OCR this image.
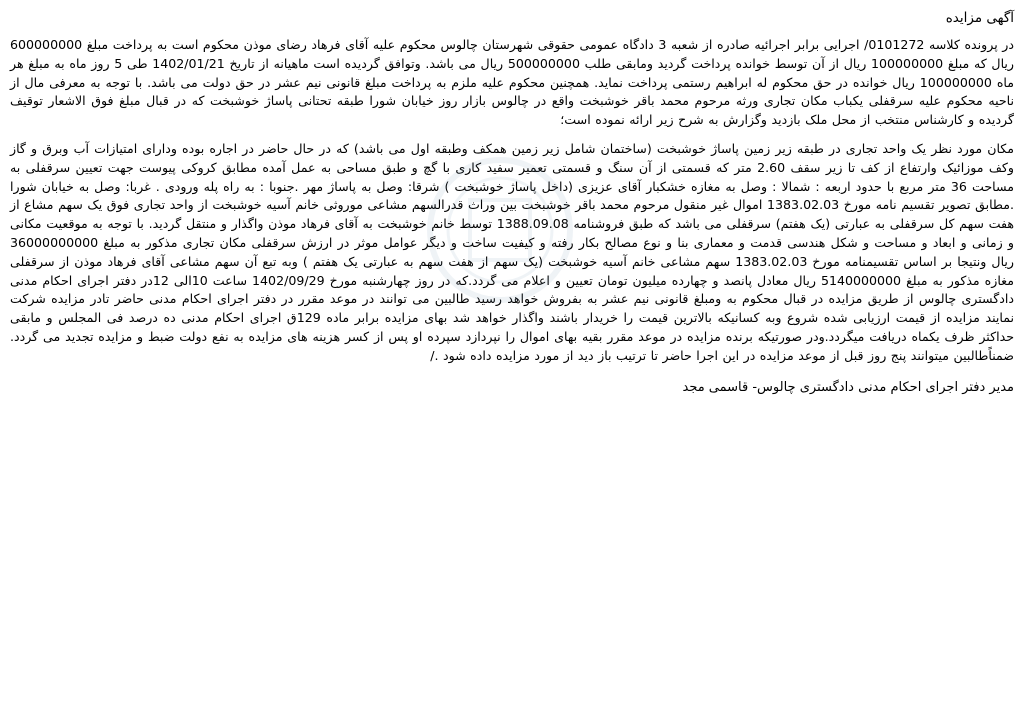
آگهی مزایده

در پرونده کلاسه 0101272/ اجرایی برابر اجرائیه صادره از شعبه 3 دادگاه عمومی حقوقی شهرستان چالوس محکوم علیه آقای فرهاد رضای موذن محکوم است به پرداخت مبلغ 600000000 ریال که مبلغ 100000000 ریال از آن توسط خوانده پرداخت گردید ومابقی طلب 500000000 ریال می باشد. وتوافق گردیده است ماهیانه از تاریخ 1402/01/21 طی 5 روز ماه به مبلغ هر ماه 100000000 ریال خوانده در حق محکوم له ابراهیم رستمی پرداخت نماید. همچنین محکوم علیه ملزم به پرداخت مبلغ قانونی نیم عشر در حق دولت می باشد. با توجه به معرفی مال از ناحیه محکوم علیه سرقفلی یکباب مکان تجاری ورثه مرحوم محمد باقر خوشبخت واقع در چالوس بازار روز خیابان شورا طبقه تحتانی پاساژ خوشبخت که در قبال مبلغ فوق الاشعار توقیف گردیده و کارشناس منتخب از محل ملک بازدید وگزارش به شرح زیر ارائه نموده است؛

مکان مورد نظر یک واحد تجاری در طبقه زیر زمین پاساژ خوشبخت (ساختمان شامل زیر زمین همکف وطبقه اول می باشد) که در حال حاضر در اجاره بوده ودارای امتیازات آب وبرق و گاز وکف موزائیک وارتفاع از کف تا زیر سقف 2.60 متر که قسمتی از آن سنگ و قسمتی تعمیر سفید کاری با گچ و طبق مساحی به عمل آمده مطابق کروکی پیوست جهت تعیین سرقفلی به مساحت 36 متر مربع با حدود اربعه : شمالا : وصل به مغازه خشکبار آقای عزیزی (داخل پاساژ خوشبخت ) شرقا: وصل به پاساژ مهر .جنوبا : به راه پله ورودی . غربا: وصل به خیابان شورا .مطابق تصویر تقسیم نامه مورخ 1383.02.03 اموال غیر منقول مرحوم محمد باقر خوشبخت بین وراث قدرالسهم مشاعی موروثی خانم آسیه خوشبخت از واحد تجاری فوق یک سهم مشاع از هفت سهم کل سرقفلی به عبارتی (یک هفتم) سرقفلی می باشد که طبق فروشنامه 1388.09.08 توسط خانم خوشبخت به آقای فرهاد موذن واگذار و منتقل گردید. با توجه به موقعیت مکانی و زمانی و ابعاد و مساحت و شکل هندسی قدمت و معماری بنا و نوع مصالح بکار رفته و کیفیت ساخت و دیگر عوامل موثر در ارزش سرقفلی مکان تجاری مذکور به مبلغ 36000000000 ریال ونتیجا بر اساس تقسیمنامه مورخ 1383.02.03 سهم مشاعی خانم آسیه خوشبخت (یک سهم از هفت سهم به عبارتی یک هفتم ) وبه تبع آن سهم مشاعی آقای فرهاد موذن از سرقفلی مغازه مذکور به مبلغ 5140000000 ریال معادل پانصد و چهارده میلیون تومان تعیین و اعلام می گردد.که در روز چهارشنبه مورخ 1402/09/29 ساعت 10الی 12در دفتر اجرای احکام مدنی دادگستری چالوس از طریق مزایده در قبال محکوم به ومبلغ قانونی نیم عشر به بفروش خواهد رسید طالبین می توانند در موعد مقرر در دفتر اجرای احکام مدنی حاضر تادر مزایده شرکت نمایند مزایده از قیمت ارزیابی شده شروع وبه کسانیکه بالاترین قیمت را خریدار باشند واگذار خواهد شد بهای مزایده برابر ماده 129ق اجرای احکام مدنی ده درصد فی المجلس و مابقی حداکثر ظرف یکماه دریافت میگردد.ودر صورتیکه برنده مزایده در موعد مقرر بقیه بهای اموال را نپردازد سپرده او پس از کسر هزینه های مزایده به نفع دولت ضبط و مزایده تجدید می گردد. ضمناًطالبین میتوانند پنج روز قبل از موعد مزایده در این اجرا حاضر تا ترتیب باز دید از مورد مزایده داده شود ./

مدیر دفتر اجرای احکام مدنی دادگستری چالوس- قاسمی مجد
